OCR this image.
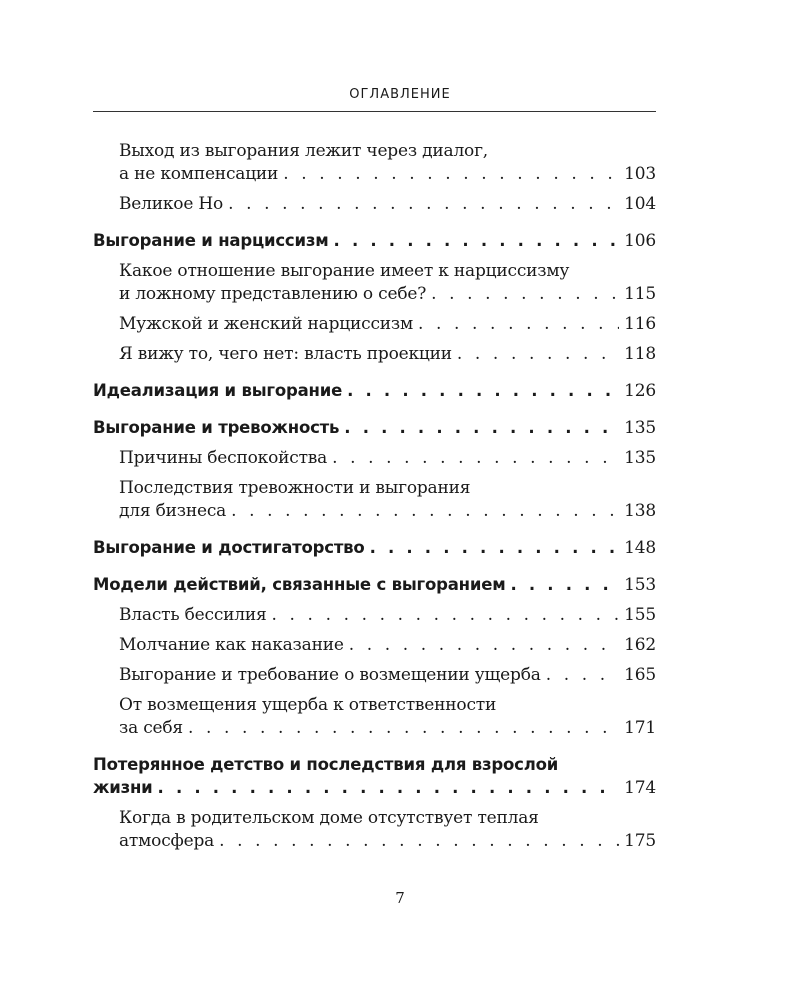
ОГЛАВЛЕНИЕ
Выход из выгорания лежит через диалог,
а не компенсации . . .	103
Великое Но . . .	104
Выгорание и нарциссизм . . .	106
Какое отношение выгорание имеет к нарциссизму
и ложному представлению о себе? . . .	115
Мужской и женский нарциссизм . . .	116
Я вижу то, чего нет: власть проекции . . .	118
Идеализация и выгорание . . .	126
Выгорание и тревожность . . .	135
Причины беспокойства . . .	135
Последствия тревожности и выгорания
для бизнеса . . .	138
Выгорание и достигаторство . . .	148
Модели действий, связанные с выгоранием . . .	153
Власть бессилия . . .	155
Молчание как наказание . . .	162
Выгорание и требование о возмещении ущерба . . .	165
От возмещения ущерба к ответственности
за себя . . .	171
Потерянное детство и последствия для взрослой
жизни . . .	174
Когда в родительском доме отсутствует теплая
атмосфера . . .	175
7
